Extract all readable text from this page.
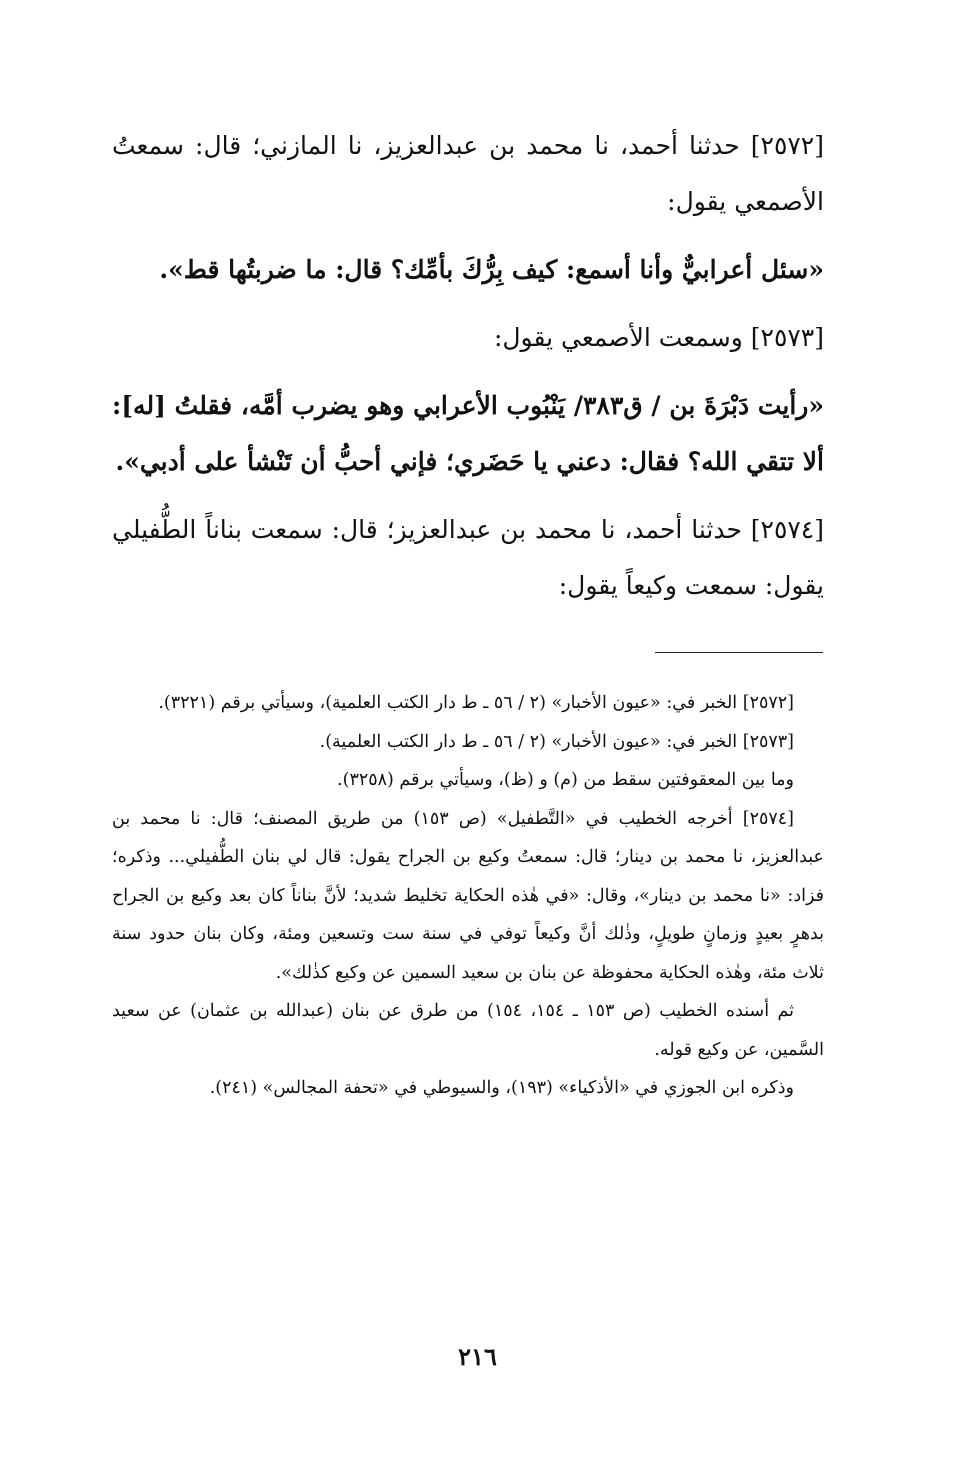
[٢٥٧٢] حدثنا أحمد، نا محمد بن عبدالعزيز، نا المازني؛ قال: سمعتُ الأصمعي يقول:

«سئل أعرابيٌّ وأنا أسمع: كيف بِرُّكَ بأمِّك؟ قال: ما ضربتُها قط».

[٢٥٧٣] وسمعت الأصمعي يقول:

«رأيت دَبْرَةَ بن / ق٣٨٣/ يَنْبُوب الأعرابي وهو يضرب أمَّه، فقلتُ [له]: ألا تتقي الله؟ فقال: دعني يا حَضَري؛ فإني أحبُّ أن تَنْشأ على أدبي».

[٢٥٧٤] حدثنا أحمد، نا محمد بن عبدالعزيز؛ قال: سمعت بناناً الطُّفيلي يقول: سمعت وكيعاً يقول:

[٢٥٧٢] الخبر في: «عيون الأخبار» (٢ / ٥٦ ـ ط دار الكتب العلمية)، وسيأتي برقم (٣٢٢١).

[٢٥٧٣] الخبر في: «عيون الأخبار» (٢ / ٥٦ ـ ط دار الكتب العلمية).

وما بين المعقوفتين سقط من (م) و (ظ)، وسيأتي برقم (٣٢٥٨).

[٢٥٧٤] أخرجه الخطيب في «التَّطفيل» (ص ١٥٣) من طريق المصنف؛ قال: نا محمد بن عبدالعزيز، نا محمد بن دينار؛ قال: سمعتُ وكيع بن الجراح يقول: قال لي بنان الطُّفيلي... وذكره؛ فزاد: «نا محمد بن دينار»، وقال: «في هٰذه الحكاية تخليط شديد؛ لأنَّ بناناً كان بعد وكيع بن الجراح بدهرٍ بعيدٍ وزمانٍ طويلٍ، وذٰلك أنَّ وكيعاً توفي في سنة ست وتسعين ومئة، وكان بنان حدود سنة ثلاث مئة، وهٰذه الحكاية محفوظة عن بنان بن سعيد السمين عن وكيع كذٰلك».

ثم أسنده الخطيب (ص ١٥٣ ـ ١٥٤، ١٥٤) من طرق عن بنان (عبدالله بن عثمان) عن سعيد السَّمين، عن وكيع قوله.

وذكره ابن الجوزي في «الأذكياء» (١٩٣)، والسيوطي في «تحفة المجالس» (٢٤١).

٢١٦
